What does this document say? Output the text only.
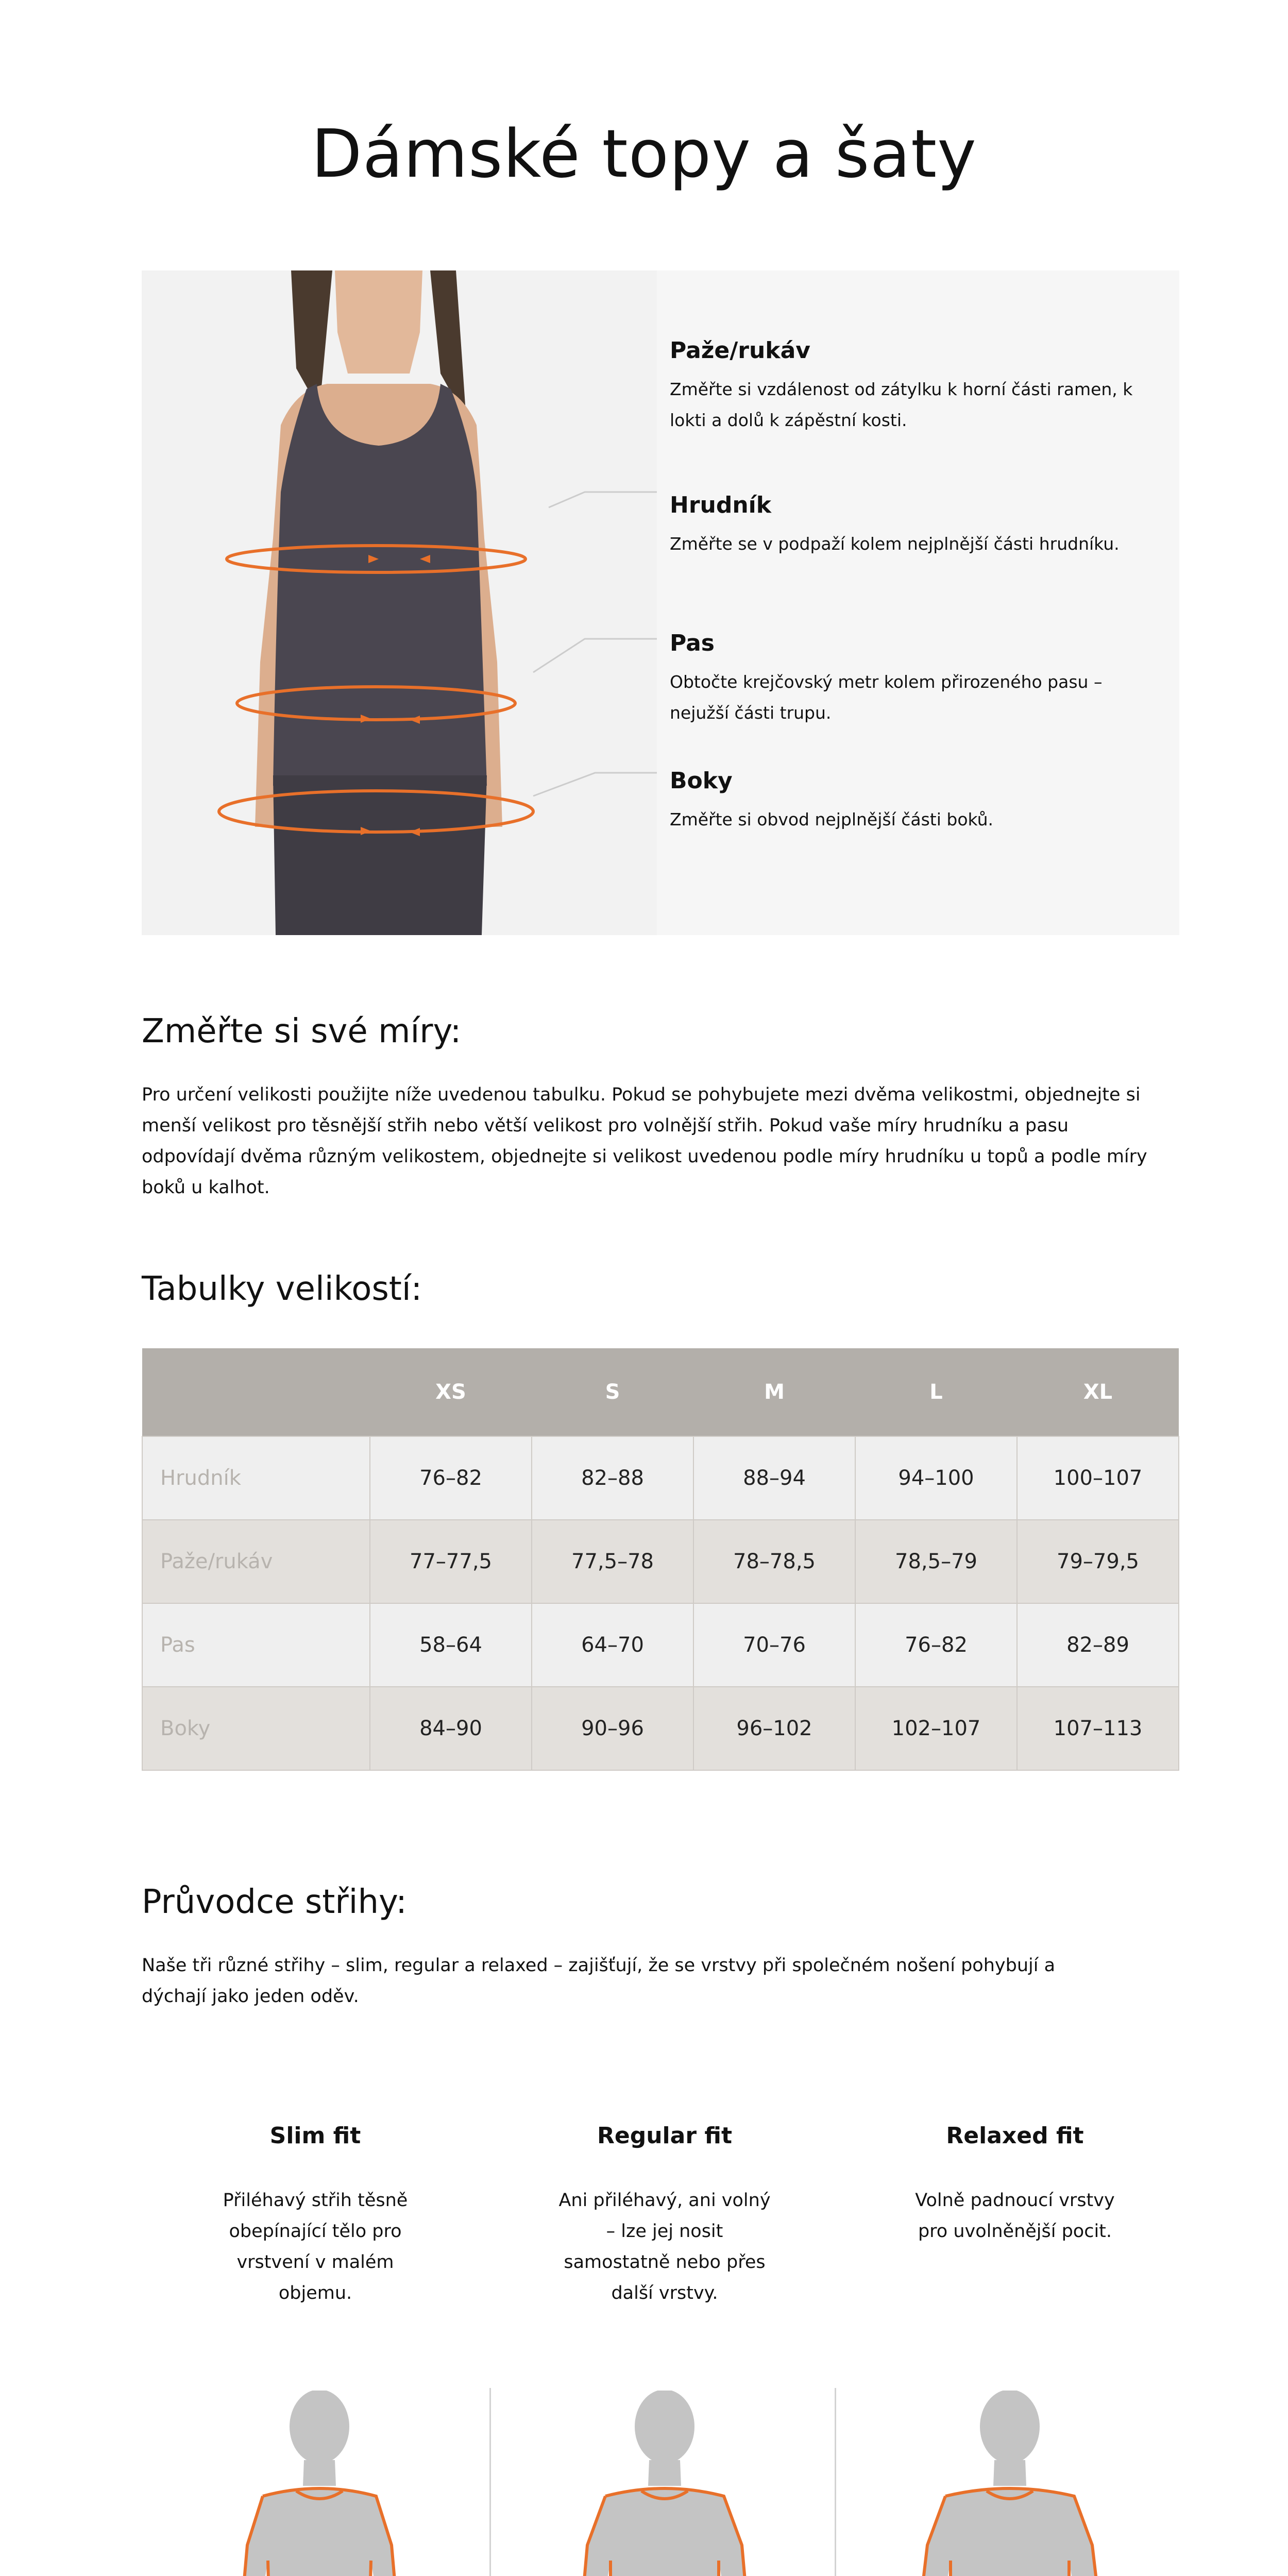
Dámské topy a šaty
Paže/rukáv

Změřte si vzdálenost od zátylku k horní části ramen, k lokti a dolů k zápěstní kosti.

Hrudník

Změřte se v podpaží kolem nejplnější části hrudníku.

Pas

Obtočte krejčovský metr kolem přirozeného pasu – nejužší části trupu.

Boky

Změřte si obvod nejplnější části boků.

Změřte si své míry:

Pro určení velikosti použijte níže uvedenou tabulku. Pokud se pohybujete mezi dvěma velikostmi, objednejte si menší velikost pro těsnější střih nebo větší velikost pro volnější střih. Pokud vaše míry hrudníku a pasu odpovídají dvěma různým velikostem, objednejte si velikost uvedenou podle míry hrudníku u topů a podle míry boků u kalhot.

Tabulky velikostí:
	XS	S	M	L	XL
Hrudník	76–82	82–88	88–94	94–100	100–107
Paže/rukáv	77–77,5	77,5–78	78–78,5	78,5–79	79–79,5
Pas	58–64	64–70	70–76	76–82	82–89
Boky	84–90	90–96	96–102	102–107	107–113
Průvodce střihy:

Naše tři různé střihy – slim, regular a relaxed – zajišťují, že se vrstvy při společném nošení pohybují a dýchají jako jeden oděv.

Slim fit

Přiléhavý střih těsně obepínající tělo pro vrstvení v malém objemu.

Regular fit

Ani přiléhavý, ani volný – lze jej nosit samostatně nebo přes další vrstvy.

Relaxed fit

Volně padnoucí vrstvy pro uvolněnější pocit.
